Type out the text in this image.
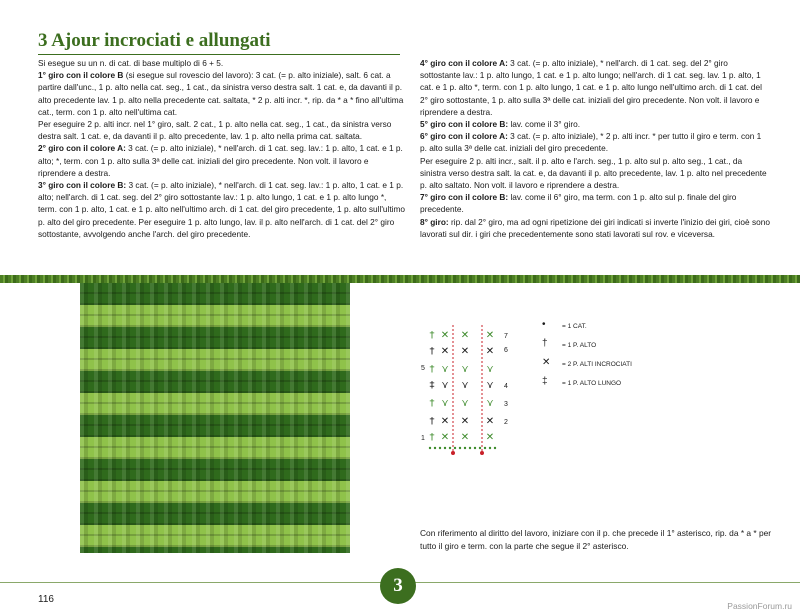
3 Ajour incrociati e allungati
Si esegue su un n. di cat. di base multiplo di 6 + 5.
1° giro con il colore B (si esegue sul rovescio del lavoro): 3 cat. (= p. alto iniziale), salt. 6 cat. a partire dall'unc., 1 p. alto nella cat. seg., 1 cat., da sinistra verso destra salt. 1 cat. e, da davanti il p. alto precedente lav. 1 p. alto nella precedente cat. saltata, * 2 p. alti incr. *, rip. da * a * fino all'ultima cat., term. con 1 p. alto nell'ultima cat.
Per eseguire 2 p. alti incr. nel 1° giro, salt. 2 cat., 1 p. alto nella cat. seg., 1 cat., da sinistra verso destra salt. 1 cat. e, da davanti il p. alto precedente, lav. 1 p. alto nella prima cat. saltata.
2° giro con il colore A: 3 cat. (= p. alto iniziale), * nell'arch. di 1 cat. seg. lav.: 1 p. alto, 1 cat. e 1 p. alto; *, term. con 1 p. alto sulla 3ª delle cat. iniziali del giro precedente. Non volt. il lavoro e riprendere a destra.
3° giro con il colore B: 3 cat. (= p. alto iniziale), * nell'arch. di 1 cat. seg. lav.: 1 p. alto, 1 cat. e 1 p. alto; nell'arch. di 1 cat. seg. del 2° giro sottostante lav.: 1 p. alto lungo, 1 cat. e 1 p. alto lungo *, term. con 1 p. alto, 1 cat. e 1 p. alto nell'ultimo arch. di 1 cat. del giro precedente, 1 p. alto sull'ultimo p. alto del giro precedente. Per eseguire 1 p. alto lungo, lav. il p. alto nell'arch. di 1 cat. del 2° giro sottostante, avvolgendo anche l'arch. del giro precedente.
4° giro con il colore A: 3 cat. (= p. alto iniziale), * nell'arch. di 1 cat. seg. del 2° giro sottostante lav.: 1 p. alto lungo, 1 cat. e 1 p. alto lungo; nell'arch. di 1 cat. seg. lav. 1 p. alto, 1 cat. e 1 p. alto *, term. con 1 p. alto lungo, 1 cat. e 1 p. alto lungo nell'ultimo arch. di 1 cat. del 2° giro sottostante, 1 p. alto sulla 3ª delle cat. iniziali del giro precedente. Non volt. il lavoro e riprendere a destra.
5° giro con il colore B: lav. come il 3° giro.
6° giro con il colore A: 3 cat. (= p. alto iniziale), * 2 p. alti incr. * per tutto il giro e term. con 1 p. alto sulla 3ª delle cat. iniziali del giro precedente.
Per eseguire 2 p. alti incr., salt. il p. alto e l'arch. seg., 1 p. alto sul p. alto seg., 1 cat., da sinistra verso destra salt. la cat. e, da davanti il p. alto precedente, lav. 1 p. alto nel precedente p. alto saltato. Non volt. il lavoro e riprendere a destra.
7° giro con il colore B: lav. come il 6° giro, ma term. con 1 p. alto sul p. finale del giro precedente.
8° giro: rip. dal 2° giro, ma ad ogni ripetizione dei giri indicati si inverte l'inizio dei giri, cioè sono lavorati sul dir. i giri che precedentemente sono stati lavorati sul rov. e viceversa.
† ✕ ✕ ✕
† ✕ ✕ ✕
† ⋎ ⋎ ⋎
‡ ⋎ ⋎ ⋎
† ⋎ ⋎ ⋎
† ✕ ✕ ✕
† ✕ ✕ ✕
7
6
4
3
2
5
1
•	= 1 CAT.
† = 1 P. ALTO
✕ = 2 P. ALTI INCROCIATI
‡ = 1 P. ALTO LUNGO
Con riferimento al diritto del lavoro, iniziare con il p. che precede il 1° asterisco, rip. da * a * per tutto il giro e term. con la parte che segue il 2° asterisco.
116
3
PassionForum.ru
